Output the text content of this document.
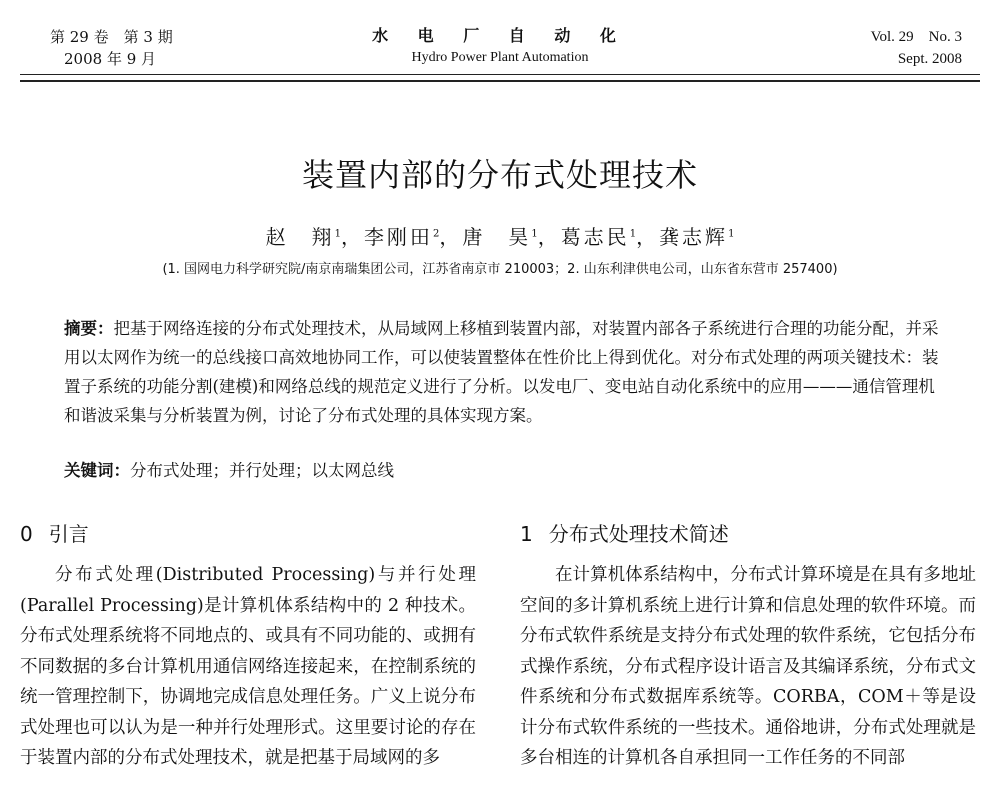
第 29 卷　第 3 期
2008 年 9 月
水 电 厂 自 动 化
Hydro Power Plant Automation
Vol. 29　No. 3
Sept. 2008
装置内部的分布式处理技术
赵　翔$^1$，李刚田$^2$，唐　昊$^1$，葛志民$^1$，龚志辉$^1$
(1. 国网电力科学研究院/南京南瑞集团公司，江苏省南京市 210003；2. 山东利津供电公司，山东省东营市 257400)
摘要：把基于网络连接的分布式处理技术，从局域网上移植到装置内部，对装置内部各子系统进行合理的功能分配，并采用以太网作为统一的总线接口高效地协同工作，可以使装置整体在性价比上得到优化。对分布式处理的两项关键技术：装置子系统的功能分割(建模)和网络总线的规范定义进行了分析。以发电厂、变电站自动化系统中的应用———通信管理机和谐波采集与分析装置为例，讨论了分布式处理的具体实现方案。
关键词：分布式处理；并行处理；以太网总线
0 引言	1 分布式处理技术简述

分布式处理(Distributed Processing)与并行处理(Parallel Processing)是计算机体系结构中的 2 种技术。分布式处理系统将不同地点的、或具有不同功能的、或拥有不同数据的多台计算机用通信网络连接起来，在控制系统的统一管理控制下，协调地完成信息处理任务。广义上说分布式处理也可以认为是一种并行处理形式。这里要讨论的存在于装置内部的分布式处理技术，就是把基于局域网的多

在计算机体系结构中，分布式计算环境是在具有多地址空间的多计算机系统上进行计算和信息处理的软件环境。而分布式软件系统是支持分布式处理的软件系统，它包括分布式操作系统，分布式程序设计语言及其编译系统，分布式文件系统和分布式数据库系统等。CORBA，COM＋等是设计分布式软件系统的一些技术。通俗地讲，分布式处理就是多台相连的计算机各自承担同一工作任务的不同部
